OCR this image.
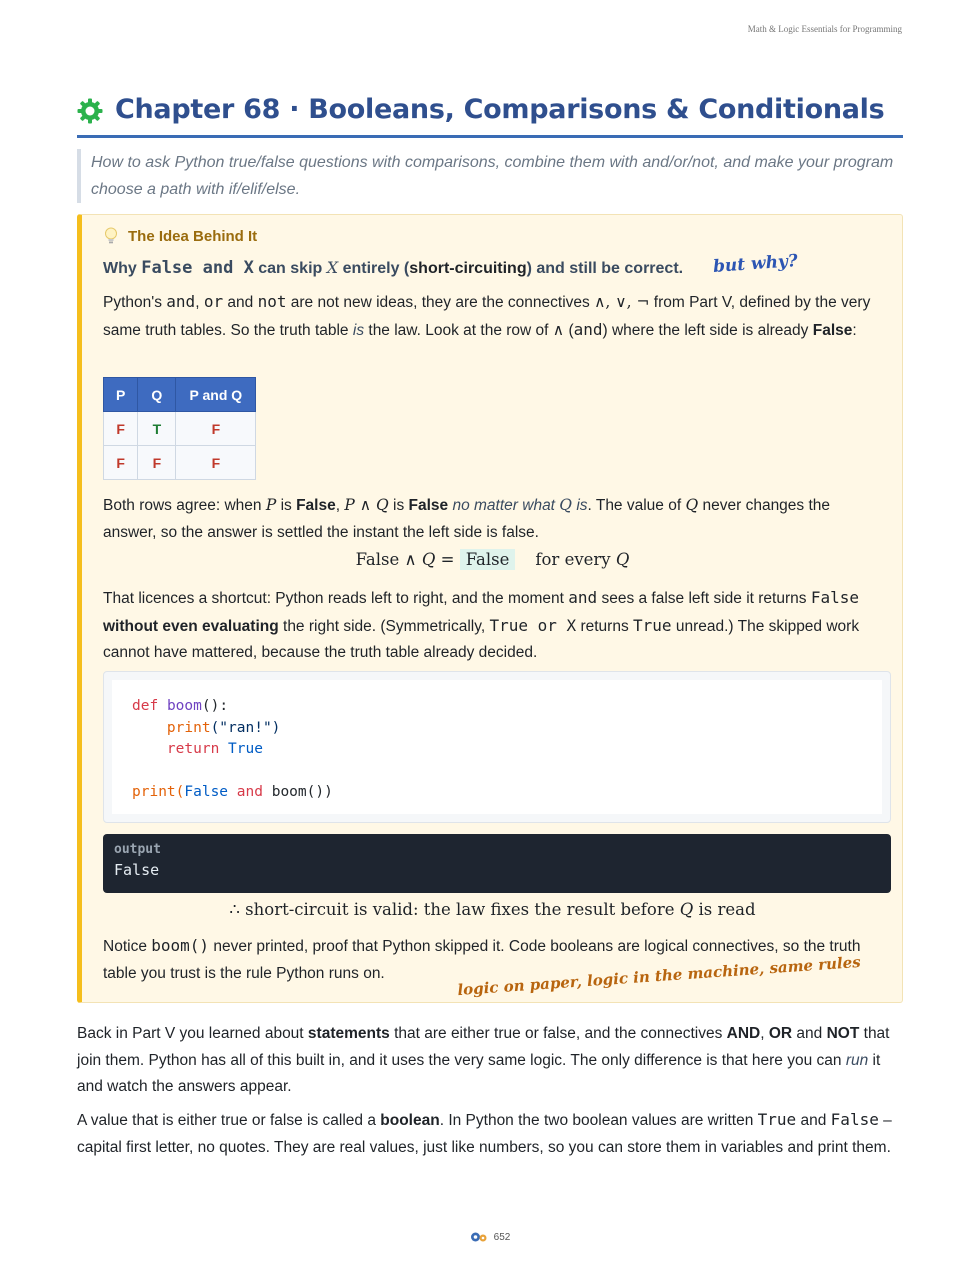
Math & Logic Essentials for Programming
Chapter 68 · Booleans, Comparisons & Conditionals
How to ask Python true/false questions with comparisons, combine them with and/or/not, and make your program choose a path with if/elif/else.
The Idea Behind It
Why False and X can skip X entirely (short-circuiting) and still be correct. but why?
Python's and, or and not are not new ideas, they are the connectives ∧, ∨, ¬ from Part V, defined by the very same truth tables. So the truth table is the law. Look at the row of ∧ (and) where the left side is already False:
P	Q	P and Q
F	T	F
F	F	F
Both rows agree: when P is False, P ∧ Q is False no matter what Q is. The value of Q never changes the answer, so the answer is settled the instant the left side is false.
False ∧ Q = False for every Q
That licences a shortcut: Python reads left to right, and the moment and sees a false left side it returns False without even evaluating the right side. (Symmetrically, True or X returns True unread.) The skipped work cannot have mattered, because the truth table already decided.
def boom():
print("ran!")
return True

print(False and boom())
output
False
∴ short-circuit is valid: the law fixes the result before Q is read
Notice boom() never printed, proof that Python skipped it. Code booleans are logical connectives, so the truth table you trust is the rule Python runs on.	logic on paper, logic in the machine, same rules
Back in Part V you learned about statements that are either true or false, and the connectives AND, OR and NOT that join them. Python has all of this built in, and it uses the very same logic. The only difference is that here you can run it and watch the answers appear.
A value that is either true or false is called a boolean. In Python the two boolean values are written True and False – capital first letter, no quotes. They are real values, just like numbers, so you can store them in variables and print them.
652
